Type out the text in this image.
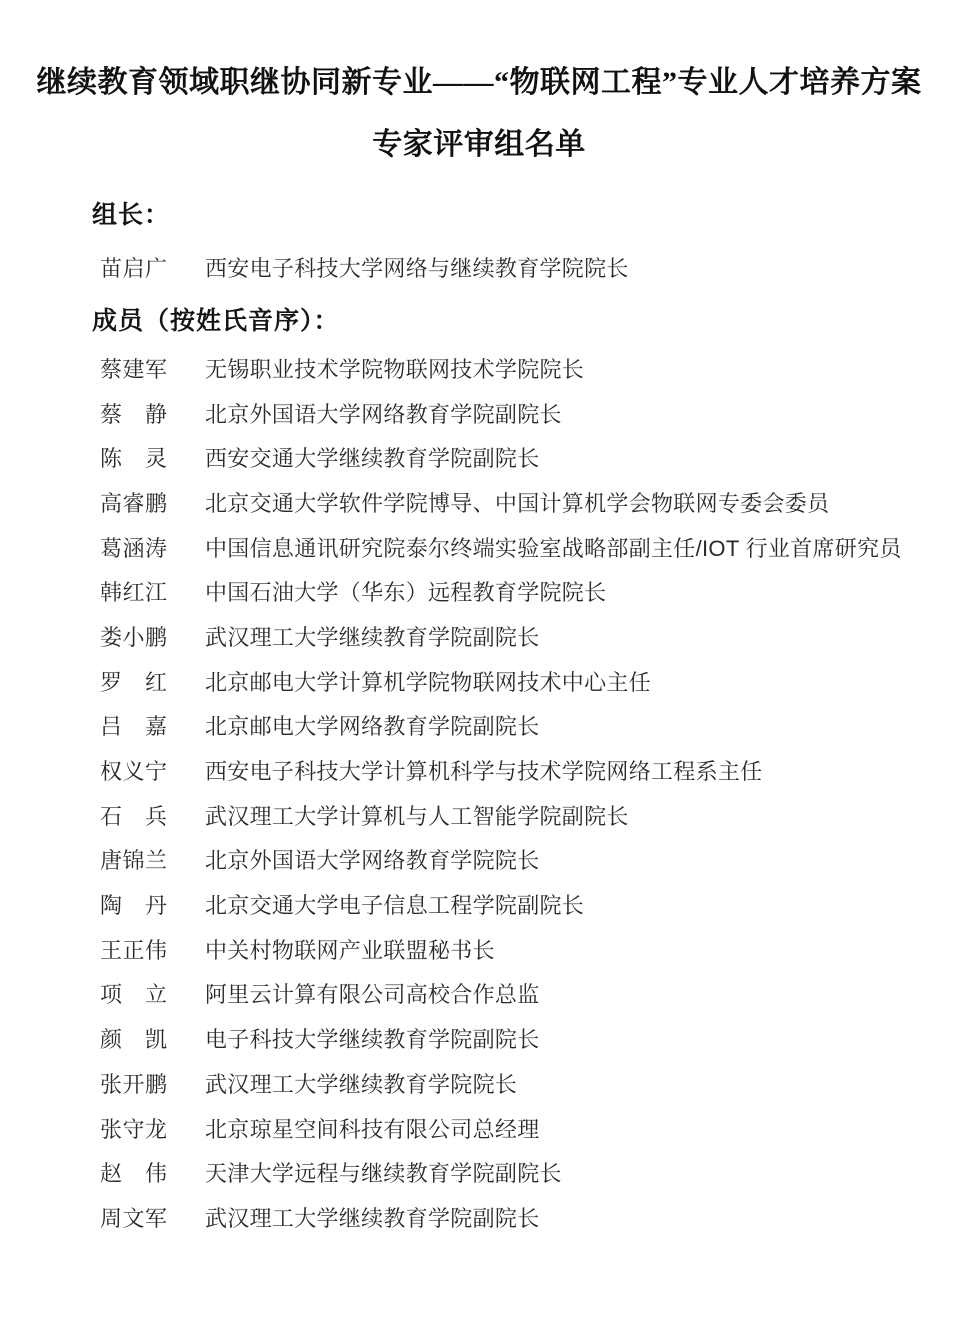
继续教育领域职继协同新专业——“物联网工程”专业人才培养方案
专家评审组名单
组长：
苗启广 西安电子科技大学网络与继续教育学院院长
成员（按姓氏音序）：
蔡建军 无锡职业技术学院物联网技术学院院长
蔡　静 北京外国语大学网络教育学院副院长
陈　灵 西安交通大学继续教育学院副院长
高睿鹏 北京交通大学软件学院博导、中国计算机学会物联网专委会委员
葛涵涛 中国信息通讯研究院泰尔终端实验室战略部副主任/IOT 行业首席研究员
韩红江 中国石油大学（华东）远程教育学院院长
娄小鹏 武汉理工大学继续教育学院副院长
罗　红 北京邮电大学计算机学院物联网技术中心主任
吕　嘉 北京邮电大学网络教育学院副院长
权义宁 西安电子科技大学计算机科学与技术学院网络工程系主任
石　兵 武汉理工大学计算机与人工智能学院副院长
唐锦兰 北京外国语大学网络教育学院院长
陶　丹 北京交通大学电子信息工程学院副院长
王正伟 中关村物联网产业联盟秘书长
项　立 阿里云计算有限公司高校合作总监
颜　凯 电子科技大学继续教育学院副院长
张开鹏 武汉理工大学继续教育学院院长
张守龙 北京琼星空间科技有限公司总经理
赵　伟 天津大学远程与继续教育学院副院长
周文军 武汉理工大学继续教育学院副院长
